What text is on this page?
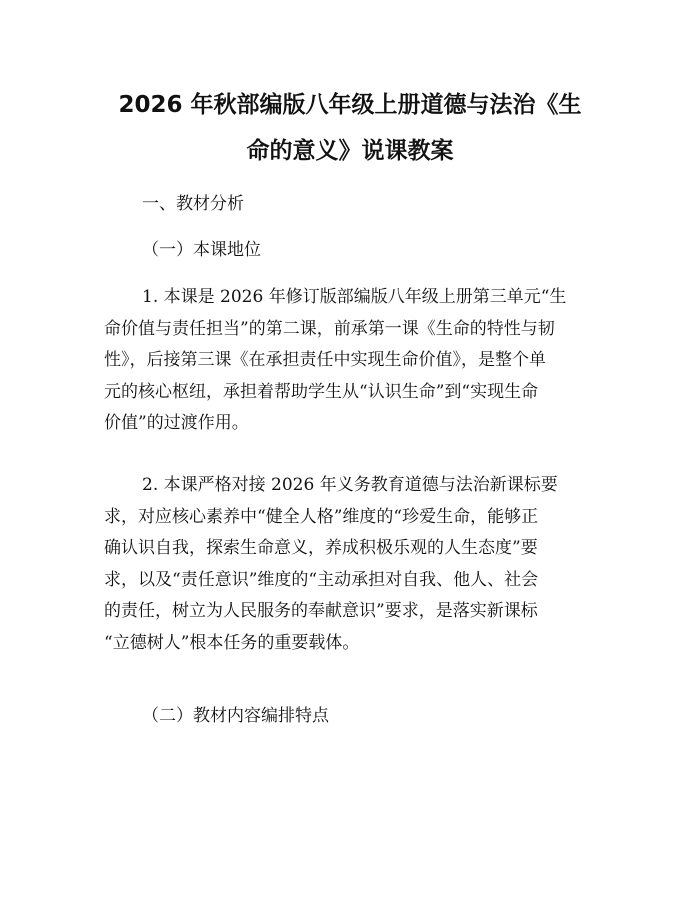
2026 年秋部编版八年级上册道德与法治《生
命的意义》说课教案
一、教材分析
（一）本课地位

1. 本课是 2026 年修订版部编版八年级上册第三单元“生
命价值与责任担当”的第二课，前承第一课《生命的特性与韧
性》，后接第三课《在承担责任中实现生命价值》，是整个单
元的核心枢纽，承担着帮助学生从“认识生命”到“实现生命
价值”的过渡作用。

2. 本课严格对接 2026 年义务教育道德与法治新课标要
求，对应核心素养中“健全人格”维度的“珍爱生命，能够正
确认识自我，探索生命意义，养成积极乐观的人生态度”要
求，以及“责任意识”维度的“主动承担对自我、他人、社会
的责任，树立为人民服务的奉献意识”要求，是落实新课标
“立德树人”根本任务的重要载体。

（二）教材内容编排特点
